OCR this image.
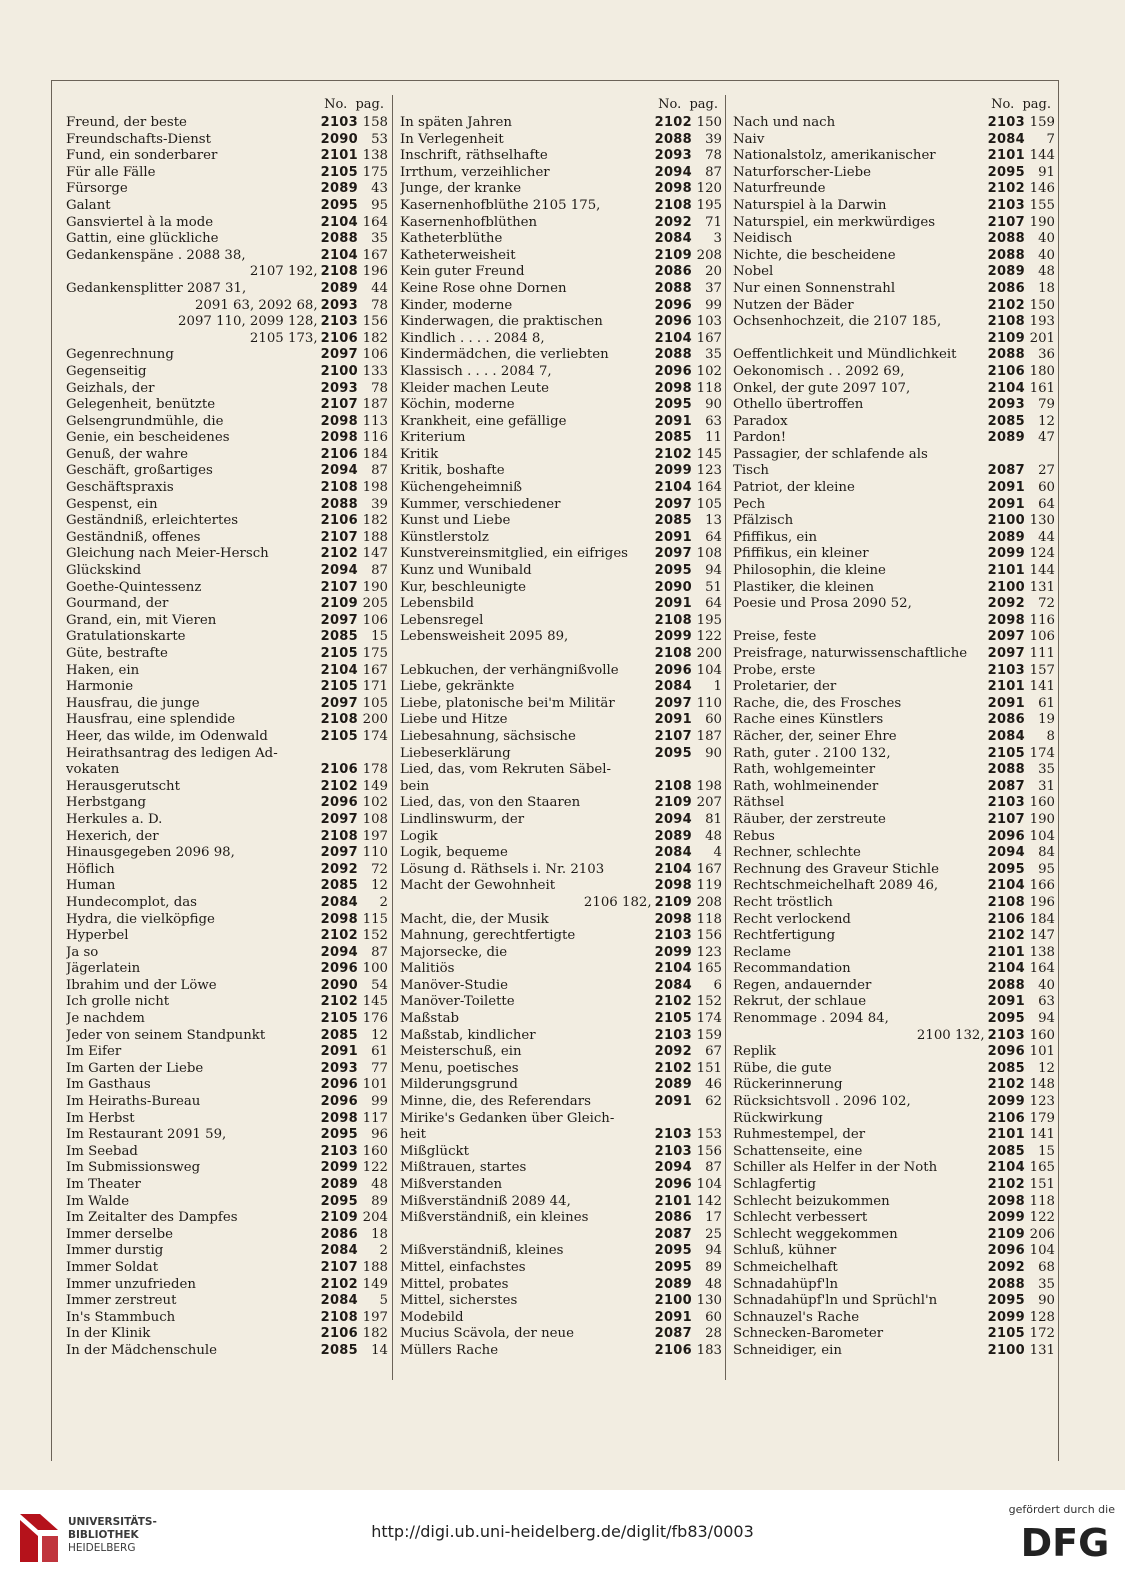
No. pag.
Freund, der beste	2103 158
Freundschafts-Dienst	2090 53
Fund, ein sonderbarer	2101 138
Für alle Fälle	2105 175
Fürsorge	2089 43
Galant	2095 95
Gansviertel à la mode	2104 164
Gattin, eine glückliche	2088 35
Gedankenspäne . 2088 38,	2104 167
2107 192, 2108 196
Gedankensplitter 2087 31,	2089 44
2091 63, 2092 68, 2093 78
2097 110, 2099 128, 2103 156
2105 173, 2106 182
Gegenrechnung	2097 106
Gegenseitig	2100 133
Geizhals, der	2093 78
Gelegenheit, benützte	2107 187
Gelsengrundmühle, die	2098 113
Genie, ein bescheidenes	2098 116
Genuß, der wahre	2106 184
Geschäft, großartiges	2094 87
Geschäftspraxis	2108 198
Gespenst, ein	2088 39
Geständniß, erleichtertes	2106 182
Geständniß, offenes	2107 188
Gleichung nach Meier-Hersch	2102 147
Glückskind	2094 87
Goethe-Quintessenz	2107 190
Gourmand, der	2109 205
Grand, ein, mit Vieren	2097 106
Gratulationskarte	2085 15
Güte, bestrafte	2105 175
Haken, ein	2104 167
Harmonie	2105 171
Hausfrau, die junge	2097 105
Hausfrau, eine splendide	2108 200
Heer, das wilde, im Odenwald	2105 174
Heirathsantrag des ledigen Ad-
vokaten	2106 178
Herausgerutscht	2102 149
Herbstgang	2096 102
Herkules a. D.	2097 108
Hexerich, der	2108 197
Hinausgegeben 2096 98,	2097 110
Höflich	2092 72
Human	2085 12
Hundecomplot, das	2084	2
Hydra, die vielköpfige	2098 115
Hyperbel	2102 152
Ja so	2094 87
Jägerlatein	2096 100
Ibrahim und der Löwe	2090 54
Ich grolle nicht	2102 145
Je nachdem	2105 176
Jeder von seinem Standpunkt	2085 12
Im Eifer	2091 61
Im Garten der Liebe	2093 77
Im Gasthaus	2096 101
Im Heiraths-Bureau	2096 99
Im Herbst	2098 117
Im Restaurant 2091 59,	2095 96
Im Seebad	2103 160
Im Submissionsweg	2099 122
Im Theater	2089 48
Im Walde	2095 89
Im Zeitalter des Dampfes	2109 204
Immer derselbe	2086 18
Immer durstig	2084	2
Immer Soldat	2107 188
Immer unzufrieden	2102 149
Immer zerstreut	2084	5
In's Stammbuch	2108 197
In der Klinik	2106 182
In der Mädchenschule	2085 14
No. pag.
In späten Jahren	2102 150
In Verlegenheit	2088 39
Inschrift, räthselhafte	2093 78
Irrthum, verzeihlicher	2094 87
Junge, der kranke	2098 120
Kasernenhofblüthe 2105 175,	2108 195
Kasernenhofblüthen	2092 71
Katheterblüthe	2084	3
Katheterweisheit	2109 208
Kein guter Freund	2086 20
Keine Rose ohne Dornen	2088 37
Kinder, moderne	2096 99
Kinderwagen, die praktischen	2096 103
Kindlich . . . . 2084 8,	2104 167
Kindermädchen, die verliebten	2088 35
Klassisch . . . . 2084 7,	2096 102
Kleider machen Leute	2098 118
Köchin, moderne	2095 90
Krankheit, eine gefällige	2091 63
Kriterium	2085 11
Kritik	2102 145
Kritik, boshafte	2099 123
Küchengeheimniß	2104 164
Kummer, verschiedener	2097 105
Kunst und Liebe	2085 13
Künstlerstolz	2091 64
Kunstvereinsmitglied, ein eifriges	2097 108
Kunz und Wunibald	2095 94
Kur, beschleunigte	2090 51
Lebensbild	2091 64
Lebensregel	2108 195
Lebensweisheit 2095 89,	2099 122
2108 200
Lebkuchen, der verhängnißvolle	2096 104
Liebe, gekränkte	2084	1
Liebe, platonische bei'm Militär	2097 110
Liebe und Hitze	2091 60
Liebesahnung, sächsische	2107 187
Liebeserklärung	2095 90
Lied, das, vom Rekruten Säbel-
bein	2108 198
Lied, das, von den Staaren	2109 207
Lindlinswurm, der	2094 81
Logik	2089 48
Logik, bequeme	2084	4
Lösung d. Räthsels i. Nr. 2103	2104 167
Macht der Gewohnheit	2098 119
2106 182, 2109 208
Macht, die, der Musik	2098 118
Mahnung, gerechtfertigte	2103 156
Majorsecke, die	2099 123
Malitiös	2104 165
Manöver-Studie	2084	6
Manöver-Toilette	2102 152
Maßstab	2105 174
Maßstab, kindlicher	2103 159
Meisterschuß, ein	2092 67
Menu, poetisches	2102 151
Milderungsgrund	2089 46
Minne, die, des Referendars	2091 62
Mirike's Gedanken über Gleich-
heit	2103 153
Mißglückt	2103 156
Mißtrauen, startes	2094 87
Mißverstanden	2096 104
Mißverständniß 2089 44,	2101 142
Mißverständniß, ein kleines	2086 17
2087 25
Mißverständniß, kleines	2095 94
Mittel, einfachstes	2095 89
Mittel, probates	2089 48
Mittel, sicherstes	2100 130
Modebild	2091 60
Mucius Scävola, der neue	2087 28
Müllers Rache	2106 183
No. pag.
Nach und nach	2103 159
Naiv	2084	7
Nationalstolz, amerikanischer	2101 144
Naturforscher-Liebe	2095 91
Naturfreunde	2102 146
Naturspiel à la Darwin	2103 155
Naturspiel, ein merkwürdiges	2107 190
Neidisch	2088 40
Nichte, die bescheidene	2088 40
Nobel	2089 48
Nur einen Sonnenstrahl	2086 18
Nutzen der Bäder	2102 150
Ochsenhochzeit, die 2107 185,	2108 193
2109 201
Oeffentlichkeit und Mündlichkeit	2088 36
Oekonomisch . . 2092 69,	2106 180
Onkel, der gute 2097 107,	2104 161
Othello übertroffen	2093 79
Paradox	2085 12
Pardon!	2089 47
Passagier, der schlafende als
Tisch	2087 27
Patriot, der kleine	2091 60
Pech	2091 64
Pfälzisch	2100 130
Pfiffikus, ein	2089 44
Pfiffikus, ein kleiner	2099 124
Philosophin, die kleine	2101 144
Plastiker, die kleinen	2100 131
Poesie und Prosa 2090 52,	2092 72
2098 116
Preise, feste	2097 106
Preisfrage, naturwissenschaftliche	2097 111
Probe, erste	2103 157
Proletarier, der	2101 141
Rache, die, des Frosches	2091 61
Rache eines Künstlers	2086 19
Rächer, der, seiner Ehre	2084	8
Rath, guter . 2100 132,	2105 174
Rath, wohlgemeinter	2088 35
Rath, wohlmeinender	2087 31
Räthsel	2103 160
Räuber, der zerstreute	2107 190
Rebus	2096 104
Rechner, schlechte	2094 84
Rechnung des Graveur Stichle	2095 95
Rechtschmeichelhaft 2089 46,	2104 166
Recht tröstlich	2108 196
Recht verlockend	2106 184
Rechtfertigung	2102 147
Reclame	2101 138
Recommandation	2104 164
Regen, andauernder	2088 40
Rekrut, der schlaue	2091 63
Renommage . 2094 84,	2095 94
2100 132, 2103 160
Replik	2096 101
Rübe, die gute	2085 12
Rückerinnerung	2102 148
Rücksichtsvoll . 2096 102,	2099 123
Rückwirkung	2106 179
Ruhmestempel, der	2101 141
Schattenseite, eine	2085 15
Schiller als Helfer in der Noth	2104 165
Schlagfertig	2102 151
Schlecht beizukommen	2098 118
Schlecht verbessert	2099 122
Schlecht weggekommen	2109 206
Schluß, kühner	2096 104
Schmeichelhaft	2092 68
Schnadahüpf'ln	2088 35
Schnadahüpf'ln und Sprüchl'n	2095 90
Schnauzel's Rache	2099 128
Schnecken-Barometer	2105 172
Schneidiger, ein	2100 131
UNIVERSITÄTS-
BIBLIOTHEK
HEIDELBERG
http://digi.ub.uni-heidelberg.de/diglit/fb83/0003
gefördert durch die
DFG
